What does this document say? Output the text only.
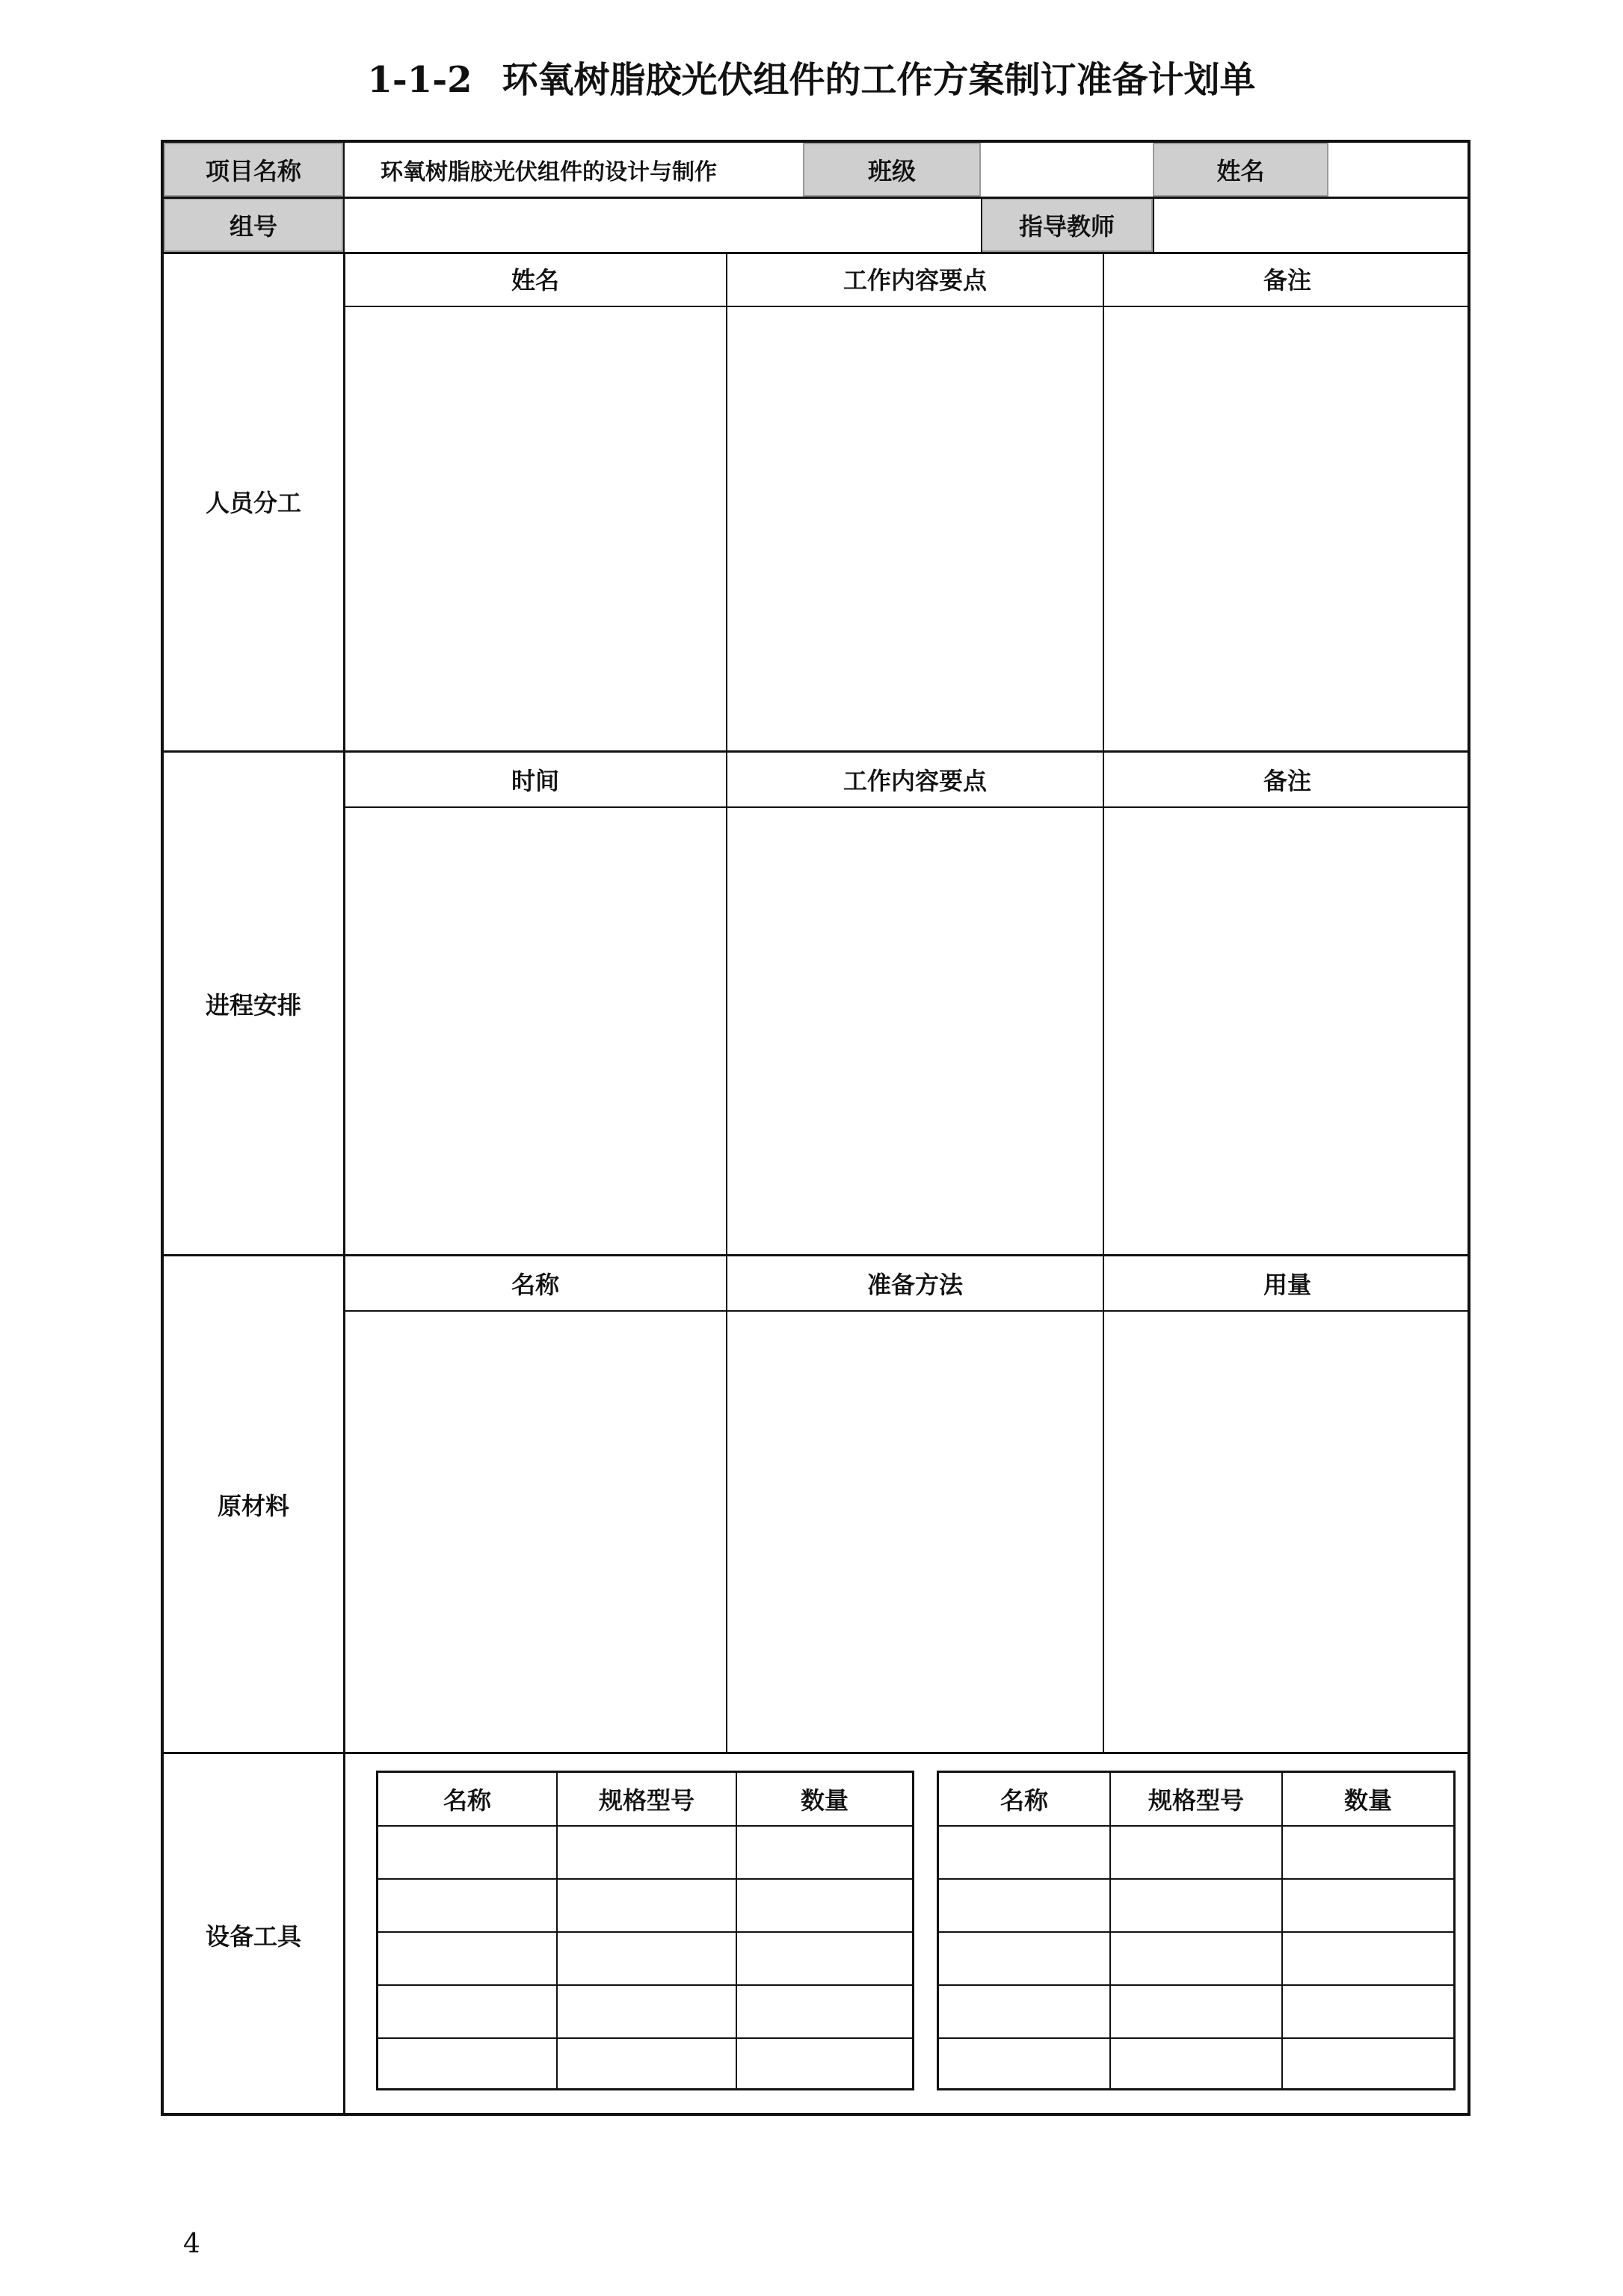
1-1-2 环氧树脂胶光伏组件的工作方案制订准备计划单
项目名称	环氧树脂胶光伏组件的设计与制作	班级	姓名
组号	指导教师
人员分工
姓名	工作内容要点	备注
进程安排
时间	工作内容要点	备注
原材料
名称	准备方法	用量
设备工具
名称	规格型号	数量	名称	规格型号	数量
4
